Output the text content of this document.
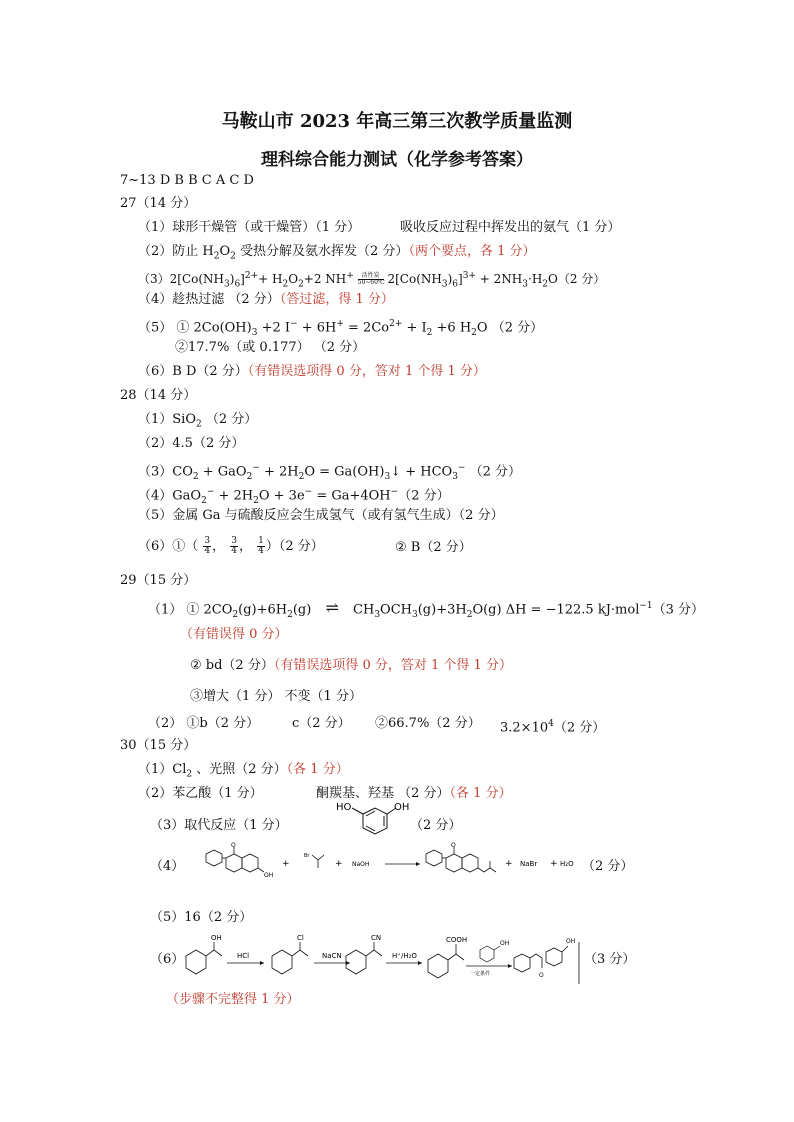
马鞍山市 2023 年高三第三次教学质量监测
理科综合能力测试（化学参考答案）
7~13 D B B C A C D
27（14 分）
（1）球形干燥管（或干燥管）（1 分）	吸收反应过程中挥发出的氨气（1 分）
（2）防止 $H_2O_2$ 受热分解及氨水挥发（2 分）（两个要点，各 1 分）
$(3)2[Co(NH_3)_6]^{2+}+ H_2O_2+2$ NH+	活性炭
50~60℃ $2[Co(NH_3)_6]^{3+} + 2NH_3\cdot H_2O(2$ 分）
（4）趁热过滤 （2 分）（答过滤，得 1 分）
（5） ① $2Co(OH)_3 +2$ $I^- + 6H^+ = 2Co^{2+} + I_2 +6$ $H_2O$ （2 分）
②17.7%（或 0.177） （2 分）
（6）B D（2 分）（有错误选项得 0 分，答对 1 个得 1 分）
28（14 分）
（1）SiO$_2$ （2 分）
（2）4.5（2 分）
$(3)CO_2 + GaO_2^- + 2H_2O$ = $Ga(OH)_3↓ + HCO_3^-$ （2 分）
$(4)GaO_2^- + 2H_2O + 3e^- = Ga+4OH^-(2$ 分）
（5）金属 Ga 与硫酸反应会生成氢气（或有氢气生成）（2 分）
（6）①（ $\frac{3}{4}$ ， $\frac{3}{4}$ ， $\frac{1}{4} )(2$ 分）	② B（2 分）
29（15 分）
（1） ① $2CO_2(g)+6H_2(g)$ ⇌ $CH_3OCH_3(g)+3H_2O(g) \Delta H = -122.5$ kJ·mol$^{-1}$（3 分）
（有错误得 0 分）
② bd（2 分）（有错误选项得 0 分，答对 1 个得 1 分）
③增大（1 分） 不变（1 分）
（2） ①b（2 分）	c（2 分） ②66.7%（2 分） $3.2\times 10^4(2$ 分）
30（15 分）
$(1)Cl_2$ 、光照（2 分）（各 1 分）
（2）苯乙酸（1 分）	酮羰基、羟基 （2 分）（各 1 分）
（3）取代反应（1 分）
HO	OH
（2 分）
（4）
O
OH
+
Br
+ NaOH
O
+ NaBr + H₂O （2 分）
（5）16（2 分）
（6）
OH
HCl
Cl
NaCN
CN
H⁺/H₂O
COOH	OH
一定条件	O
OH
（3 分）
（步骤不完整得 1 分）
